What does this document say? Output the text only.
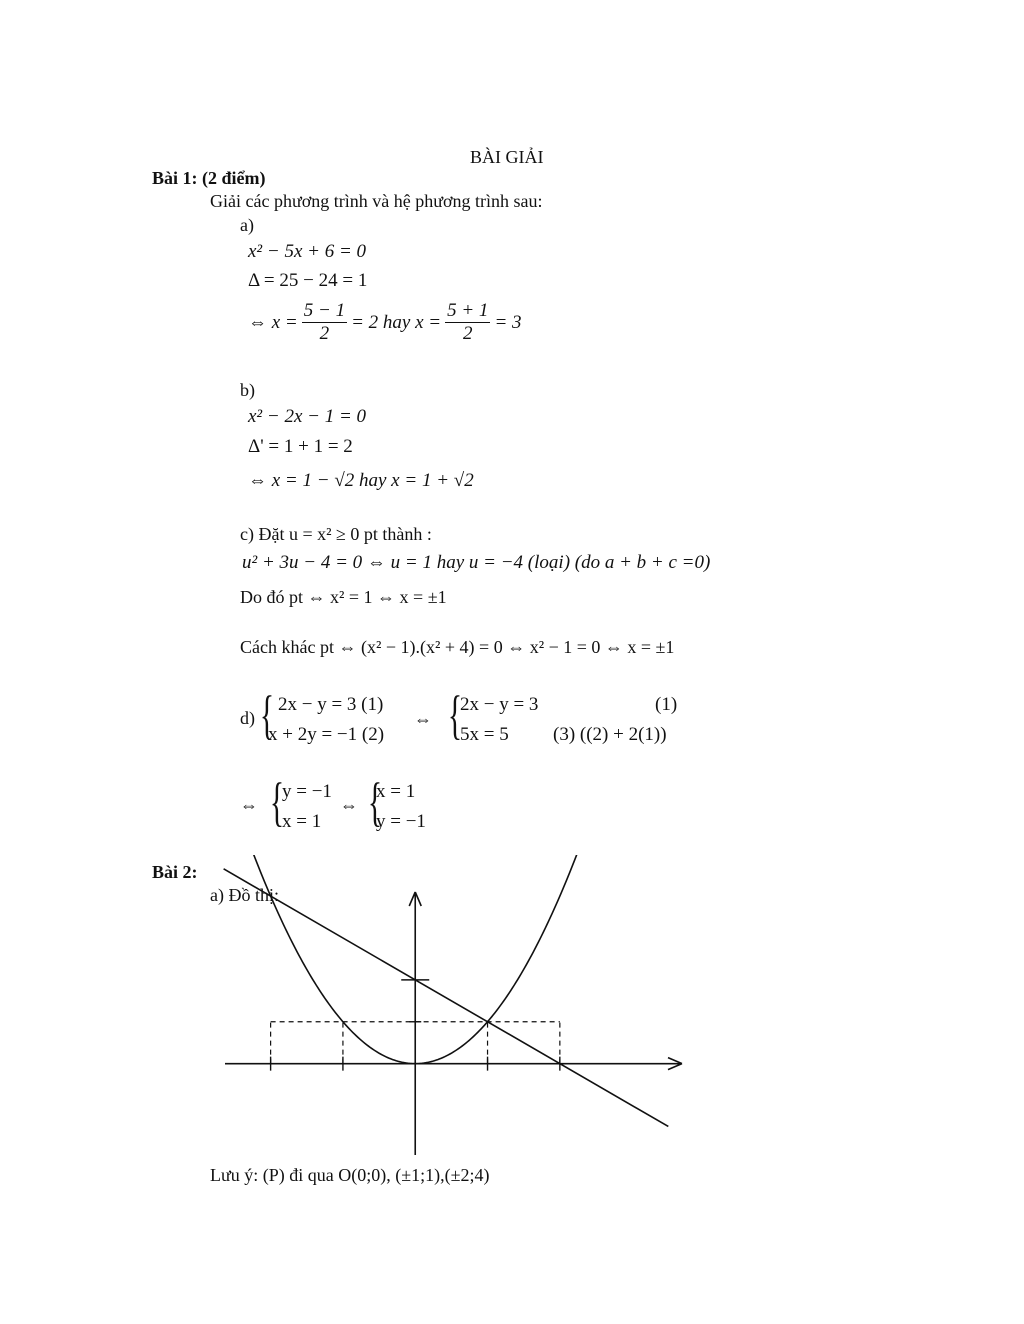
BÀI GIẢI
Bài 1: (2 điểm)
Giải các phương trình và hệ phương trình sau:
a)
x² − 5x + 6 = 0
Δ = 25 − 24 = 1
⇔ $x = \frac{5 - 1}{2} = 2$ hay $x = \frac{5 + 1}{2} = 3$
b)
x² − 2x − 1 = 0
Δ' = 1 + 1 = 2
⇔ x = 1 − √2 hay x = 1 + √2
c) Đặt u = x² ≥ 0 pt thành :
u² + 3u − 4 = 0 ⇔ u = 1 hay u = −4 (loại) (do a + b + c =0)
Do đó pt ⇔ x² = 1 ⇔ x = ±1
Cách khác pt ⇔ (x² − 1).(x² + 4) = 0 ⇔ x² − 1 = 0 ⇔ x = ±1
d) { 2x − y = 3 (1)
x + 2y = −1 (2)
⇔ {
2x − y = 3	(1)
5x = 5 (3) ((2) + 2(1))
⇔ {
y = −1
x = 1
⇔ {
x = 1
y = −1
Bài 2:
a) Đồ thị:
Lưu ý: (P) đi qua O(0;0), (±1;1),(±2;4)
